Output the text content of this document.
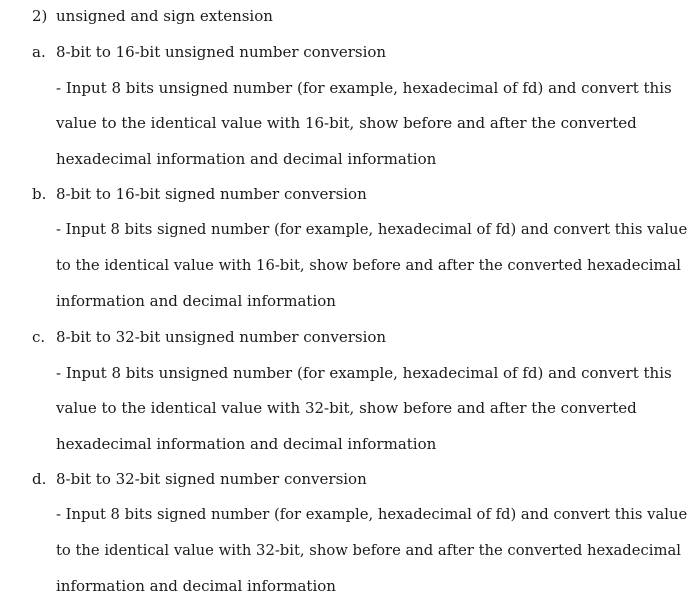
2) unsigned and sign extension
a. 8-bit to 16-bit unsigned number conversion
- Input 8 bits unsigned number (for example, hexadecimal of fd) and convert this
value to the identical value with 16-bit, show before and after the converted
hexadecimal information and decimal information
b. 8-bit to 16-bit signed number conversion
- Input 8 bits signed number (for example, hexadecimal of fd) and convert this value
to the identical value with 16-bit, show before and after the converted hexadecimal
information and decimal information
c. 8-bit to 32-bit unsigned number conversion
- Input 8 bits unsigned number (for example, hexadecimal of fd) and convert this
value to the identical value with 32-bit, show before and after the converted
hexadecimal information and decimal information
d. 8-bit to 32-bit signed number conversion
- Input 8 bits signed number (for example, hexadecimal of fd) and convert this value
to the identical value with 32-bit, show before and after the converted hexadecimal
information and decimal information
